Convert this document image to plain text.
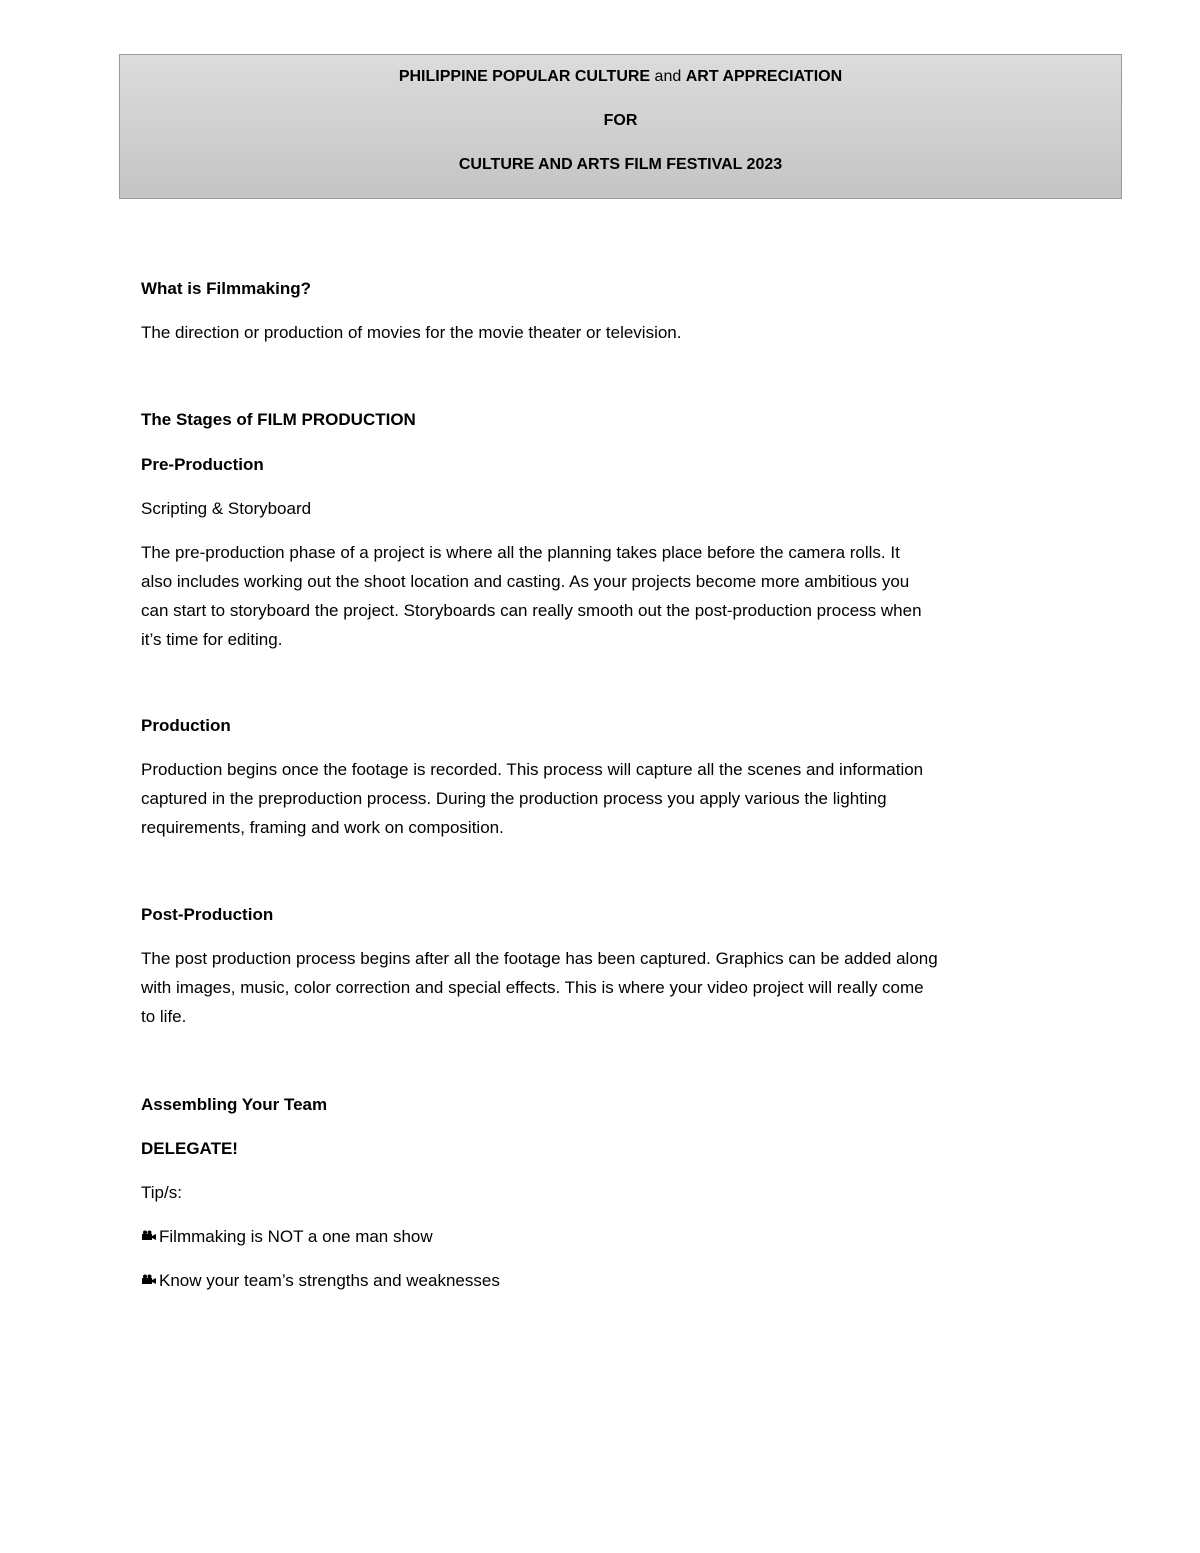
PHILIPPINE POPULAR CULTURE and ART APPRECIATION
FOR
CULTURE AND ARTS FILM FESTIVAL 2023

What is Filmmaking?

The direction or production of movies for the movie theater or television.

The Stages of FILM PRODUCTION

Pre-Production

Scripting & Storyboard

The pre-production phase of a project is where all the planning takes place before the camera rolls. It
also includes working out the shoot location and casting. As your projects become more ambitious you
can start to storyboard the project. Storyboards can really smooth out the post-production process when
it’s time for editing.

Production

Production begins once the footage is recorded. This process will capture all the scenes and information
captured in the preproduction process. During the production process you apply various the lighting
requirements, framing and work on composition.

Post-Production

The post production process begins after all the footage has been captured. Graphics can be added along
with images, music, color correction and special effects. This is where your video project will really come
to life.

Assembling Your Team

DELEGATE!

Tip/s:

Filmmaking is NOT a one man show
Know your team’s strengths and weaknesses
